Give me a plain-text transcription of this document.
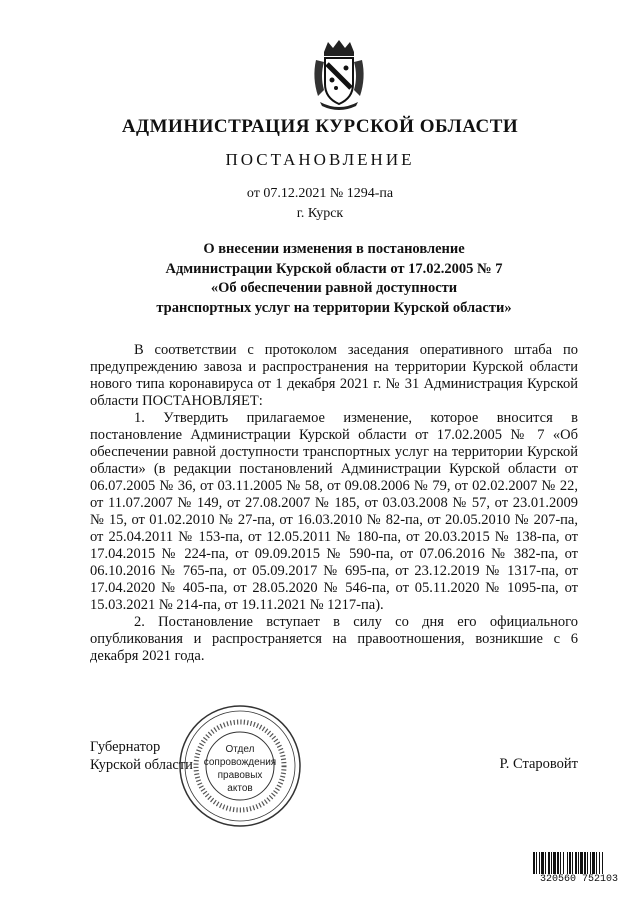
АДМИНИСТРАЦИЯ КУРСКОЙ ОБЛАСТИ
ПОСТАНОВЛЕНИЕ
от 07.12.2021 № 1294-па
г. Курск
О внесении изменения в постановление
Администрации Курской области от 17.02.2005 № 7
«Об обеспечении равной доступности
транспортных услуг на территории Курской области»

В соответствии с протоколом заседания оперативного штаба по предупреждению завоза и распространения на территории Курской области нового типа коронавируса от 1 декабря 2021 г. № 31 Администрация Курской области ПОСТАНОВЛЯЕТ:

1. Утвердить прилагаемое изменение, которое вносится в постановление Администрации Курской области от 17.02.2005 № 7 «Об обеспечении равной доступности транспортных услуг на территории Курской области» (в редакции постановлений Администрации Курской области от 06.07.2005 № 36, от 03.11.2005 № 58, от 09.08.2006 № 79, от 02.02.2007 № 22, от 11.07.2007 № 149, от 27.08.2007 № 185, от 03.03.2008 № 57, от 23.01.2009 № 15, от 01.02.2010 № 27-па, от 16.03.2010 № 82-па, от 20.05.2010 № 207-па, от 25.04.2011 № 153-па, от 12.05.2011 № 180-па, от 20.03.2015 № 138-па, от 17.04.2015 № 224-па, от 09.09.2015 № 590-па, от 07.06.2016 № 382-па, от 06.10.2016 № 765-па, от 05.09.2017 № 695-па, от 23.12.2019 № 1317-па, от 17.04.2020 № 405-па, от 28.05.2020 № 546-па, от 05.11.2020 № 1095-па, от 15.03.2021 № 214-па, от 19.11.2021 № 1217-па).

2. Постановление вступает в силу со дня его официального опубликования и распространяется на правоотношения, возникшие с 6 декабря 2021 года.

Губернатор
Курской области	Р. Старовойт
Отдел
сопровождения
правовых
актов
320560 752103
